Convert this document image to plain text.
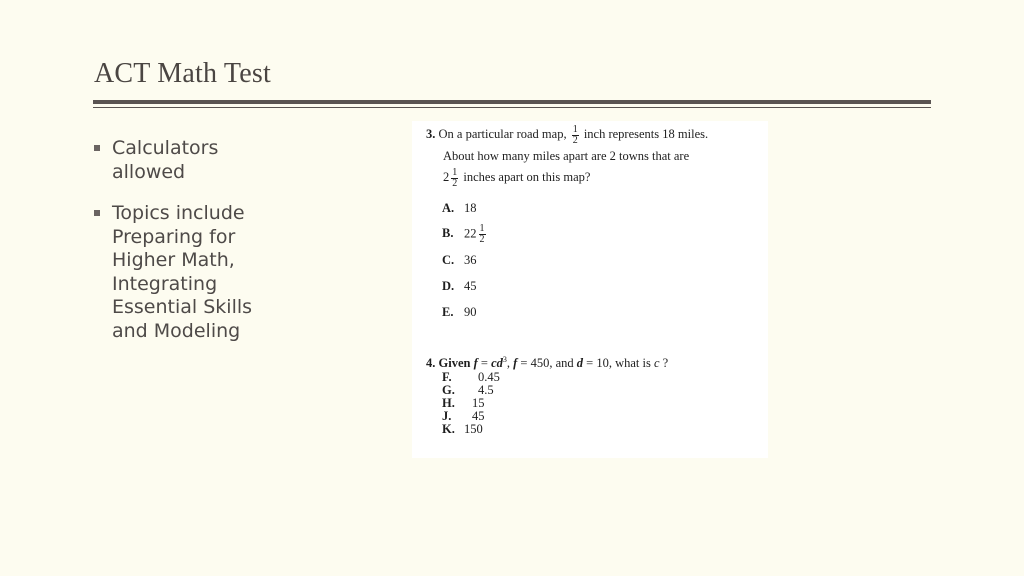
ACT Math Test
Calculators allowed
Topics include Preparing for Higher Math, Integrating Essential Skills and Modeling
3. On a particular road map, $\frac{1}{2}$ inch represents 18 miles.
About how many miles apart are 2 towns that are
$2 \frac{1}{2}$ inches apart on this map?
A. 18
B. $22 \frac{1}{2}$
C. 36
D. 45
E. 90
4. Given $f = cd^3$, f = 450, and d = 10, what is c ?
F. 0.45
G. 4.5
H. 15
J. 45
K. 150
